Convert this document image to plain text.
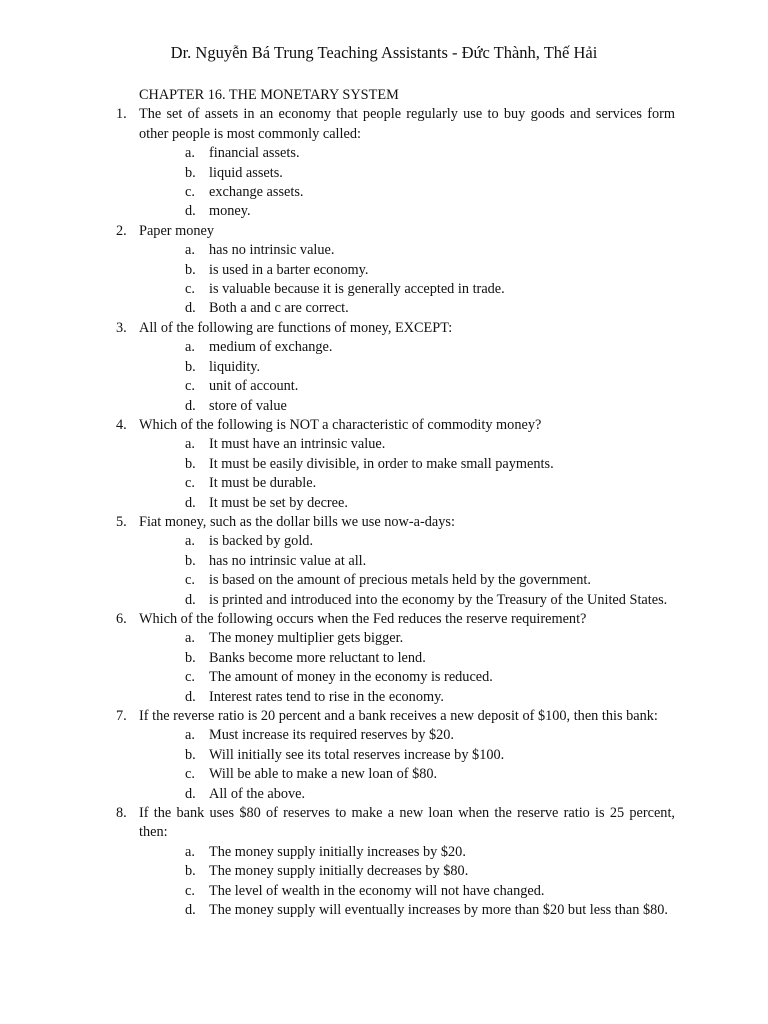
Dr. Nguyễn Bá Trung Teaching Assistants - Đức Thành, Thế Hải
CHAPTER 16. THE MONETARY SYSTEM
1. The set of assets in an economy that people regularly use to buy goods and services form other people is most commonly called:
a. financial assets.
b. liquid assets.
c. exchange assets.
d. money.
2. Paper money
a. has no intrinsic value.
b. is used in a barter economy.
c. is valuable because it is generally accepted in trade.
d. Both a and c are correct.
3. All of the following are functions of money, EXCEPT:
a. medium of exchange.
b. liquidity.
c. unit of account.
d. store of value
4. Which of the following is NOT a characteristic of commodity money?
a. It must have an intrinsic value.
b. It must be easily divisible, in order to make small payments.
c. It must be durable.
d. It must be set by decree.
5. Fiat money, such as the dollar bills we use now-a-days:
a. is backed by gold.
b. has no intrinsic value at all.
c. is based on the amount of precious metals held by the government.
d. is printed and introduced into the economy by the Treasury of the United States.
6. Which of the following occurs when the Fed reduces the reserve requirement?
a. The money multiplier gets bigger.
b. Banks become more reluctant to lend.
c. The amount of money in the economy is reduced.
d. Interest rates tend to rise in the economy.
7. If the reverse ratio is 20 percent and a bank receives a new deposit of $100, then this bank:
a. Must increase its required reserves by $20.
b. Will initially see its total reserves increase by $100.
c. Will be able to make a new loan of $80.
d. All of the above.
8. If the bank uses $80 of reserves to make a new loan when the reserve ratio is 25 percent, then:
a. The money supply initially increases by $20.
b. The money supply initially decreases by $80.
c. The level of wealth in the economy will not have changed.
d. The money supply will eventually increases by more than $20 but less than $80.
